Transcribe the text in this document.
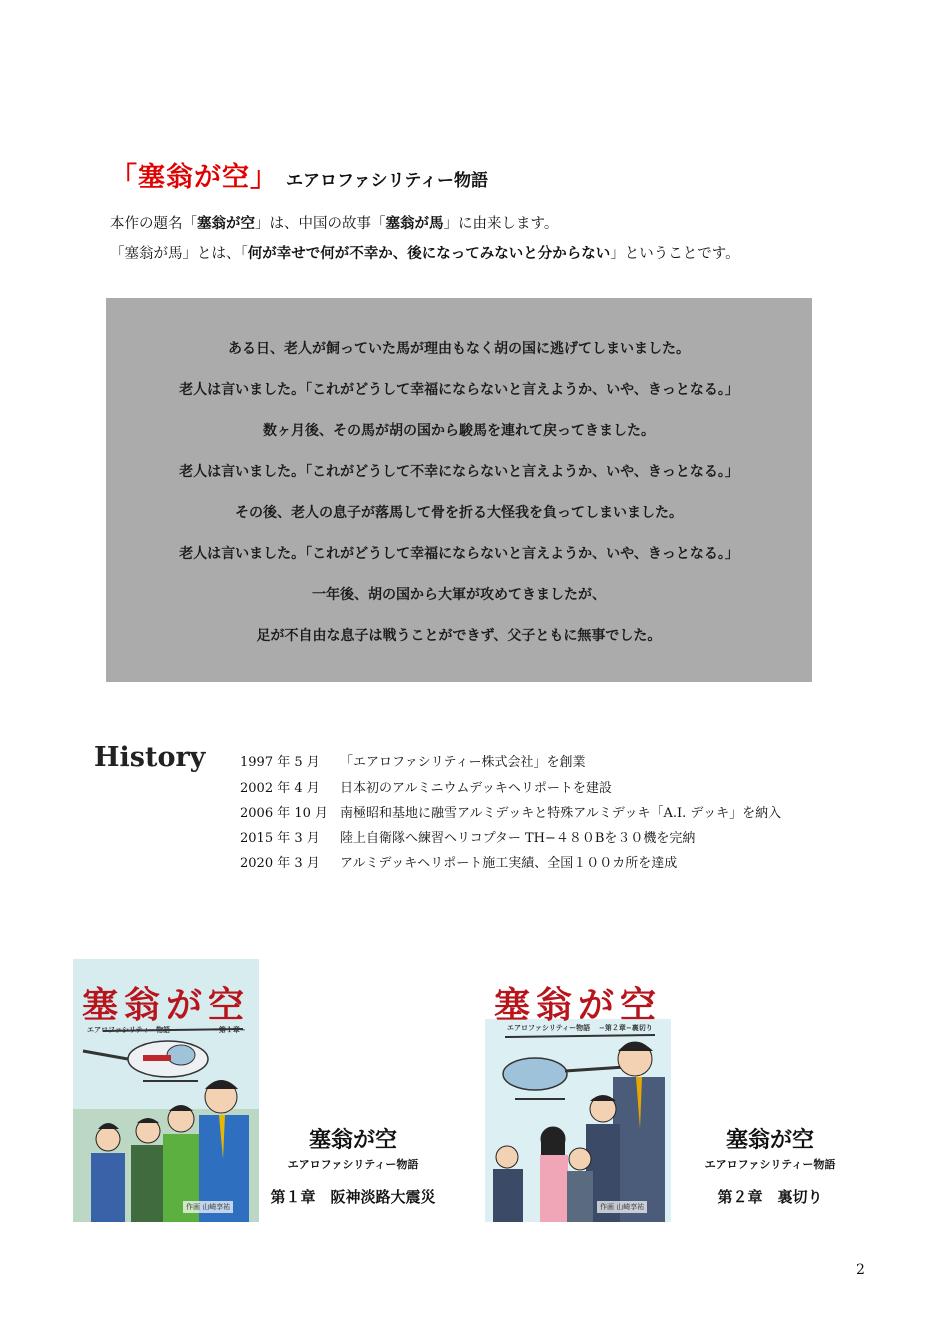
「塞翁が空」 エアロファシリティー物語
本作の題名「塞翁が空」は、中国の故事「塞翁が馬」に由来します。
「塞翁が馬」とは、「何が幸せで何が不幸か、後になってみないと分からない」ということです。
ある日、老人が飼っていた馬が理由もなく胡の国に逃げてしまいました。
老人は言いました。「これがどうして幸福にならないと言えようか、いや、きっとなる。」
数ヶ月後、その馬が胡の国から駿馬を連れて戻ってきました。
老人は言いました。「これがどうして不幸にならないと言えようか、いや、きっとなる。」
その後、老人の息子が落馬して骨を折る大怪我を負ってしまいました。
老人は言いました。「これがどうして幸福にならないと言えようか、いや、きっとなる。」
一年後、胡の国から大軍が攻めてきましたが、
足が不自由な息子は戦うことができず、父子ともに無事でした。
History	1997 年 5 月	「エアロファシリティー株式会社」を創業
2002 年 4 月	日本初のアルミニウムデッキヘリポートを建設
2006 年 10 月 南極昭和基地に融雪アルミデッキと特殊アルミデッキ「A.I. デッキ」を納入
2015 年 3 月	陸上自衛隊へ練習ヘリコプター TH−４８０Bを３０機を完納
2020 年 3 月	アルミデッキヘリポート施工実績、全国１００カ所を達成
塞翁が空
エアロファシリティー物語	−第１章−
作画 山崎享祐
塞翁が空
エアロファシリティー物語
第１章　阪神淡路大震災
塞翁が空
エアロファシリティー物語 −第２章−裏切り
作画 山崎享祐
塞翁が空
エアロファシリティー物語
第２章　裏切り
2
